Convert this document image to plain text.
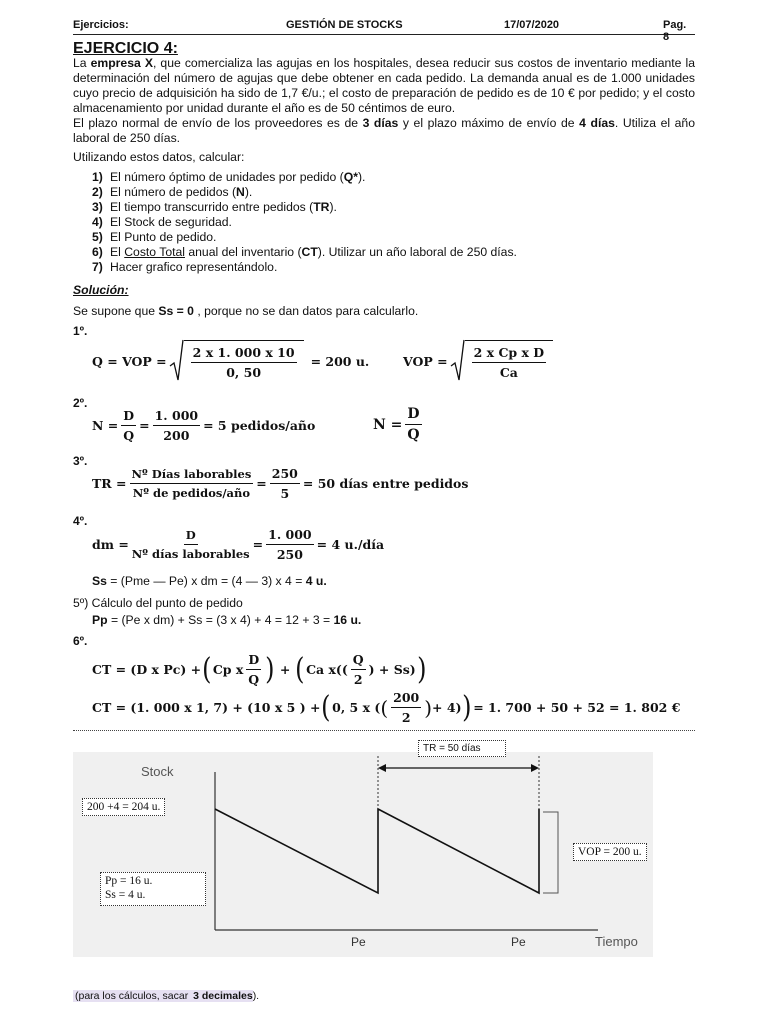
Ejercicios:	GESTIÓN DE STOCKS	17/07/2020	Pag. 8
EJERCICIO 4:
La empresa X, que comercializa las agujas en los hospitales, desea reducir sus costos de inventario mediante la determinación del número de agujas que debe obtener en cada pedido. La demanda anual es de 1.000 unidades cuyo precio de adquisición ha sido de 1,7 €/u.; el costo de preparación de pedido es de 10 € por pedido; y el costo almacenamiento por unidad durante el año es de 50 céntimos de euro.
El plazo normal de envío de los proveedores es de 3 días y el plazo máximo de envío de 4 días. Utiliza el año laboral de 250 días.
Utilizando estos datos, calcular:
1) El número óptimo de unidades por pedido (Q*).
2) El número de pedidos (N).
3) El tiempo transcurrido entre pedidos (TR).
4) El Stock de seguridad.
5) El Punto de pedido.
6) El Costo Total anual del inventario (CT). Utilizar un año laboral de 250 días.
7) Hacer grafico representándolo.
Solución:
Se supone que Ss = 0 , porque no se dan datos para calcularlo.
1º.
Q = VOP = $\frac{2 x 1. 000 x 10}{0, 50} = 200$ u.	VOP = $\frac{\text{2 x Cp x D}}{Ca}$
2º.
$N = \frac{D}{Q} = \frac{1. 000}{200} = 5$ pedidos/año	$N = \frac{D}{Q}$
3º.
TR = $\frac{\text{Nº Días laborables}}{\text{Nº de pedidos/año}} = \frac{250}{5} = 50$ días entre pedidos
4º.
dm = $\frac{D}{\text{Nº días laborables}} = \frac{1. 000}{250} = 4$ u./día
Ss = (Pme — Pe) x dm = (4 — 3) x 4 = 4 u.
5º) Cálculo del punto de pedido
Pp = (Pe x dm) + Ss = (3 x 4) + 4 = 12 + 3 = 16 u.
6º.
CT = (D x Pc) + ( Cp x $\frac{D}{Q}$ ) + ( Ca $x(( \frac{Q}{2}$ ) + Ss) )
CT = (1. 000 x 1, 7) + (10 x 5 ) + ( 0, 5 x ( ( $\frac{200}{2}$ ) + 4) ) = 1. 700 + 50 + 52 = 1. 802 €
Stock
Tiempo
Pe	Pe
TR = 50 días
200 +4 = 204 u.
VOP = 200 u.
Pp = 16 u.
Ss = 4 u.
(para los cálculos, sacar 3 decimales).
